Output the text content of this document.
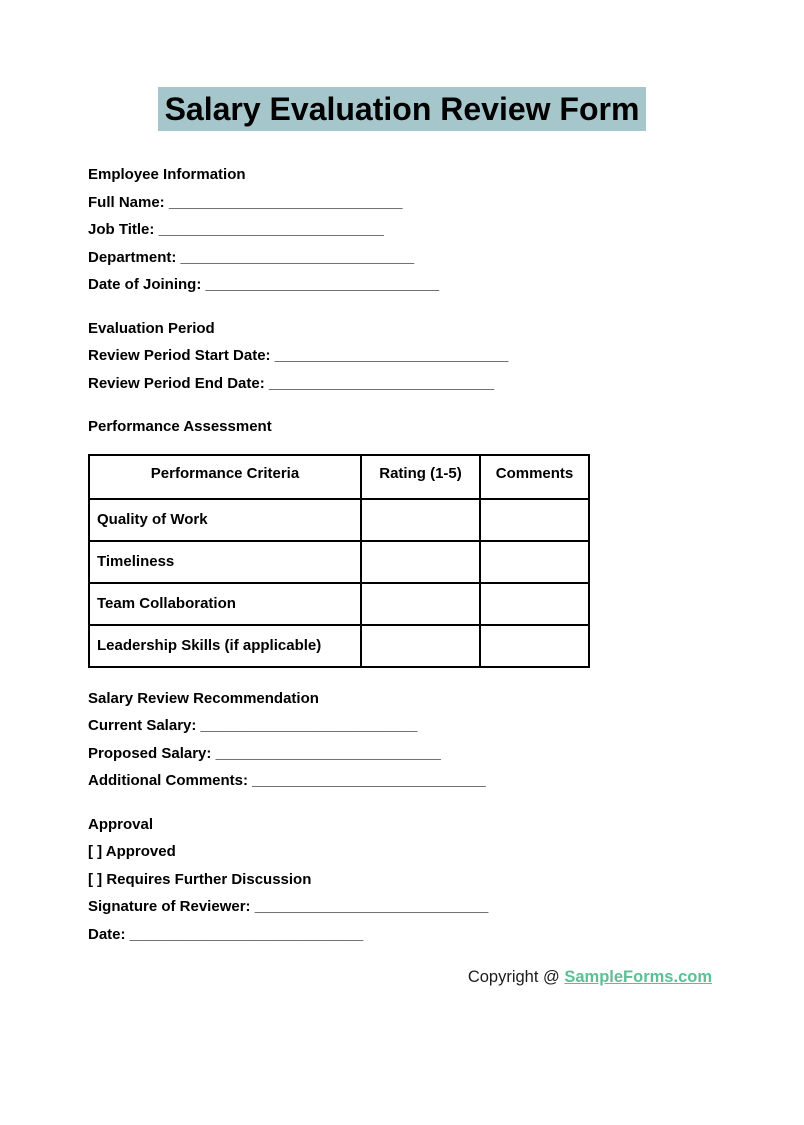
Salary Evaluation Review Form

Employee Information

Full Name: ____________________________

Job Title: ___________________________

Department: ____________________________

Date of Joining: ____________________________

Evaluation Period

Review Period Start Date: ____________________________

Review Period End Date: ___________________________

Performance Assessment

Performance Criteria	Rating (1-5)	Comments
Quality of Work		
Timeliness		
Team Collaboration		
Leadership Skills (if applicable)		

Salary Review Recommendation

Current Salary: __________________________

Proposed Salary: ___________________________

Additional Comments: ____________________________

Approval

[ ] Approved

[ ] Requires Further Discussion

Signature of Reviewer: ____________________________

Date: ____________________________

Copyright @ SampleForms.com
